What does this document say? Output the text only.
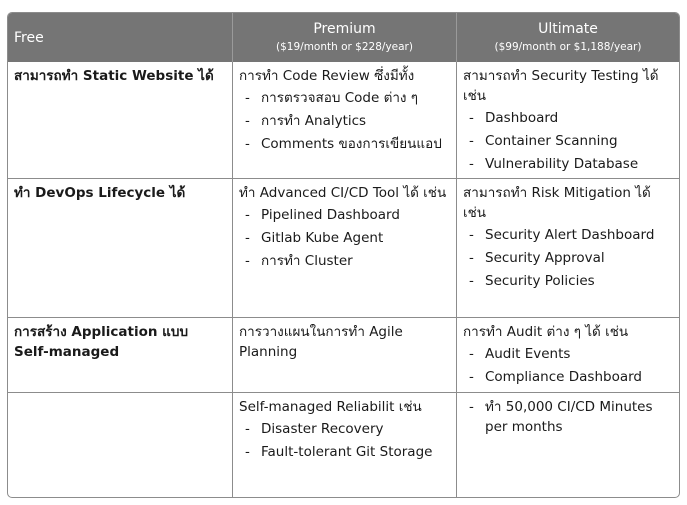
Free
Premium
($19/month or $228/year)
Ultimate
($99/month or $1,188/year)
สามารถทำ Static Website ได้	การทำ Code Review ซึ่งมีทั้ง
- การตรวจสอบ Code ต่าง ๆ
- การทำ Analytics
- Comments ของการเขียนแอป
สามารถทำ Security Testing ได้ เช่น
- Dashboard
- Container Scanning
- Vulnerability Database
ทำ DevOps Lifecycle ได้	ทำ Advanced CI/CD Tool ได้ เช่น
- Pipelined Dashboard
- Gitlab Kube Agent
- การทำ Cluster
สามารถทำ Risk Mitigation ได้ เช่น
- Security Alert Dashboard
- Security Approval
- Security Policies
การสร้าง Application แบบ Self-managed
การวางแผนในการทำ Agile Planning
การทำ Audit ต่าง ๆ ได้ เช่น
- Audit Events
- Compliance Dashboard
Self-managed Reliabilit เช่น
- Disaster Recovery
- Fault-tolerant Git Storage
- ทำ 50,000 CI/CD Minutes per months
